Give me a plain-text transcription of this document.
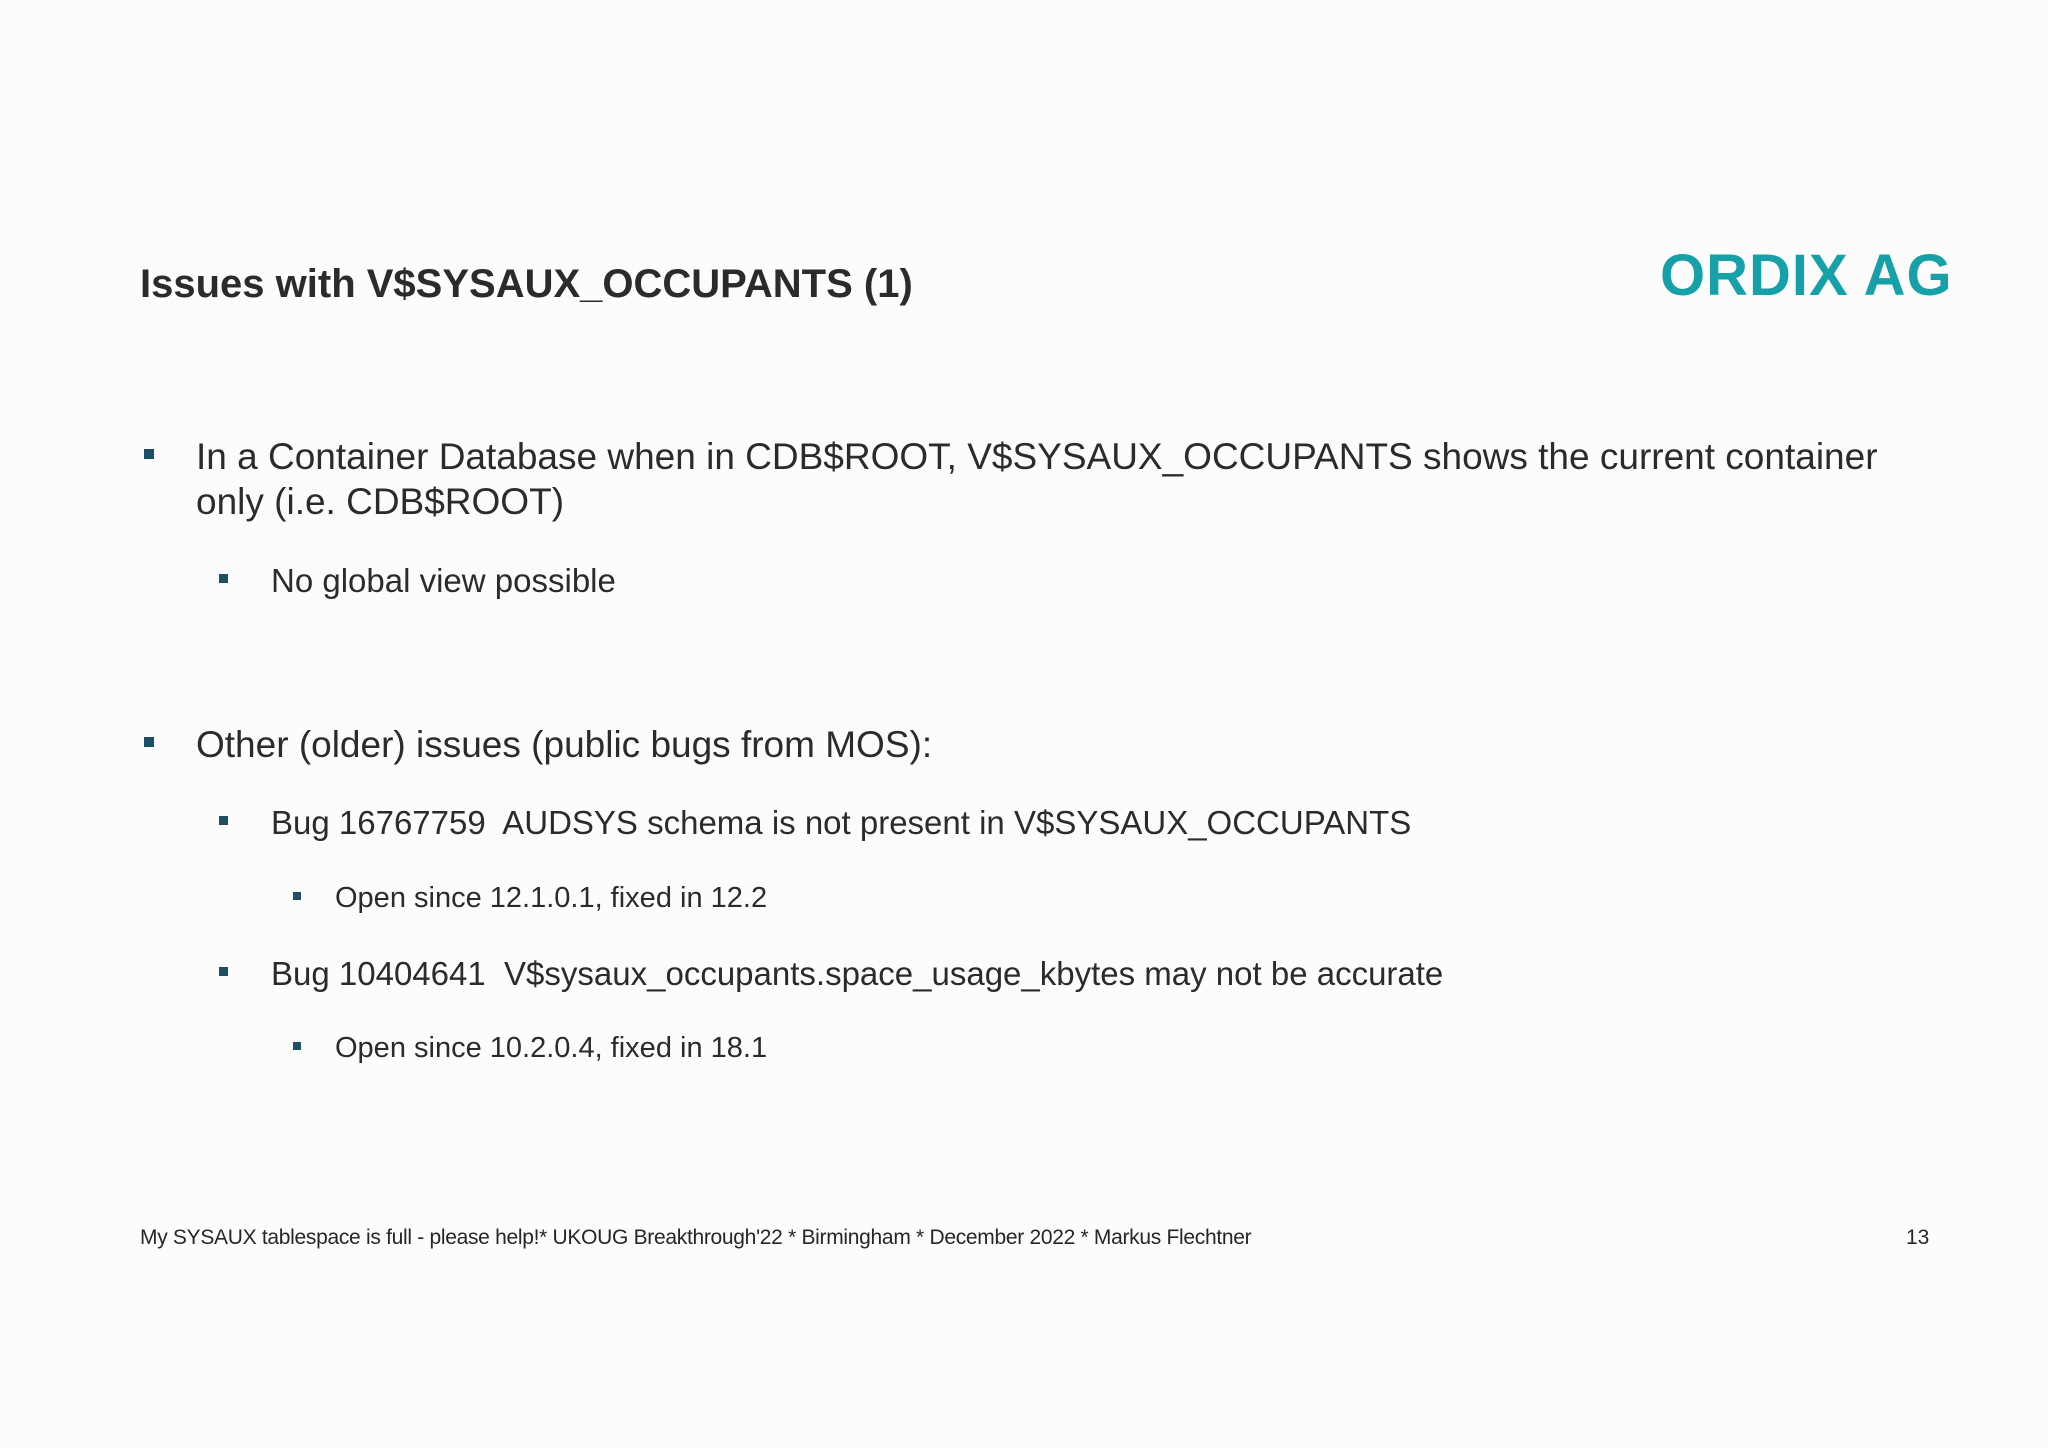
Issues with V$SYSAUX_OCCUPANTS (1)	ORDIX AG
In a Container Database when in CDB$ROOT, V$SYSAUX_OCCUPANTS shows the current container only (i.e. CDB$ROOT)
No global view possible
Other (older) issues (public bugs from MOS):
Bug 16767759  AUDSYS schema is not present in V$SYSAUX_OCCUPANTS
Open since 12.1.0.1, fixed in 12.2
Bug 10404641  V$sysaux_occupants.space_usage_kbytes may not be accurate
Open since 10.2.0.4, fixed in 18.1
My SYSAUX tablespace is full - please help!* UKOUG Breakthrough'22 * Birmingham * December 2022 * Markus Flechtner	13
